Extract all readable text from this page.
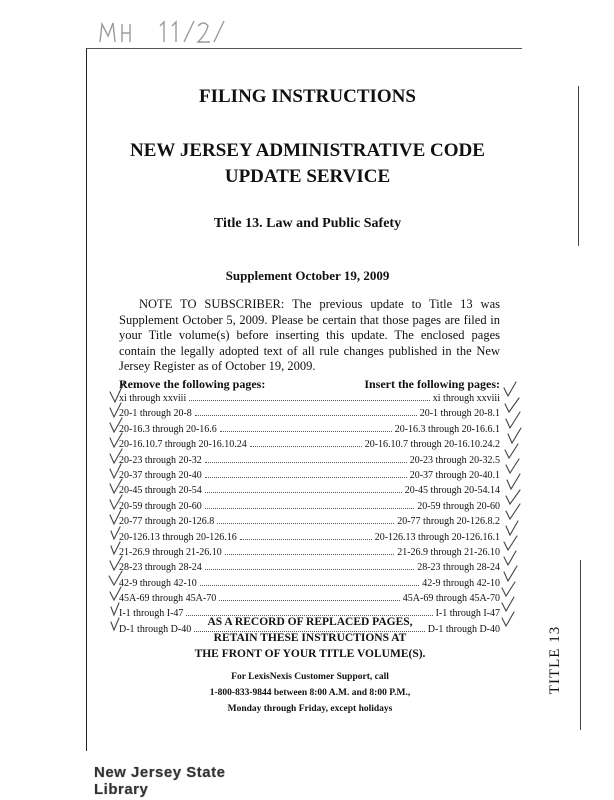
FILING INSTRUCTIONS
NEW JERSEY ADMINISTRATIVE CODE
UPDATE SERVICE
Title 13. Law and Public Safety
Supplement October 19, 2009
NOTE TO SUBSCRIBER: The previous update to Title 13 was Supplement October 5, 2009. Please be certain that those pages are filed in your Title volume(s) before inserting this update. The enclosed pages contain the legally adopted text of all rule changes published in the New Jersey Register as of October 19, 2009.
Remove the following pages:	Insert the following pages:
xi through xxviii	xi through xxviii
20-1 through 20-8	20-1 through 20-8.1
20-16.3 through 20-16.6	20-16.3 through 20-16.6.1
20-16.10.7 through 20-16.10.24	20-16.10.7 through 20-16.10.24.2
20-23 through 20-32	20-23 through 20-32.5
20-37 through 20-40	20-37 through 20-40.1
20-45 through 20-54	20-45 through 20-54.14
20-59 through 20-60	20-59 through 20-60
20-77 through 20-126.8	20-77 through 20-126.8.2
20-126.13 through 20-126.16	20-126.13 through 20-126.16.1
21-26.9 through 21-26.10	21-26.9 through 21-26.10
28-23 through 28-24	28-23 through 28-24
42-9 through 42-10	42-9 through 42-10
45A-69 through 45A-70	45A-69 through 45A-70
I-1 through I-47	I-1 through I-47
D-1 through D-40	D-1 through D-40
AS A RECORD OF REPLACED PAGES,
RETAIN THESE INSTRUCTIONS AT
THE FRONT OF YOUR TITLE VOLUME(S).
For LexisNexis Customer Support, call
1-800-833-9844 between 8:00 A.M. and 8:00 P.M.,
Monday through Friday, except holidays
TITLE 13
New Jersey State Library
